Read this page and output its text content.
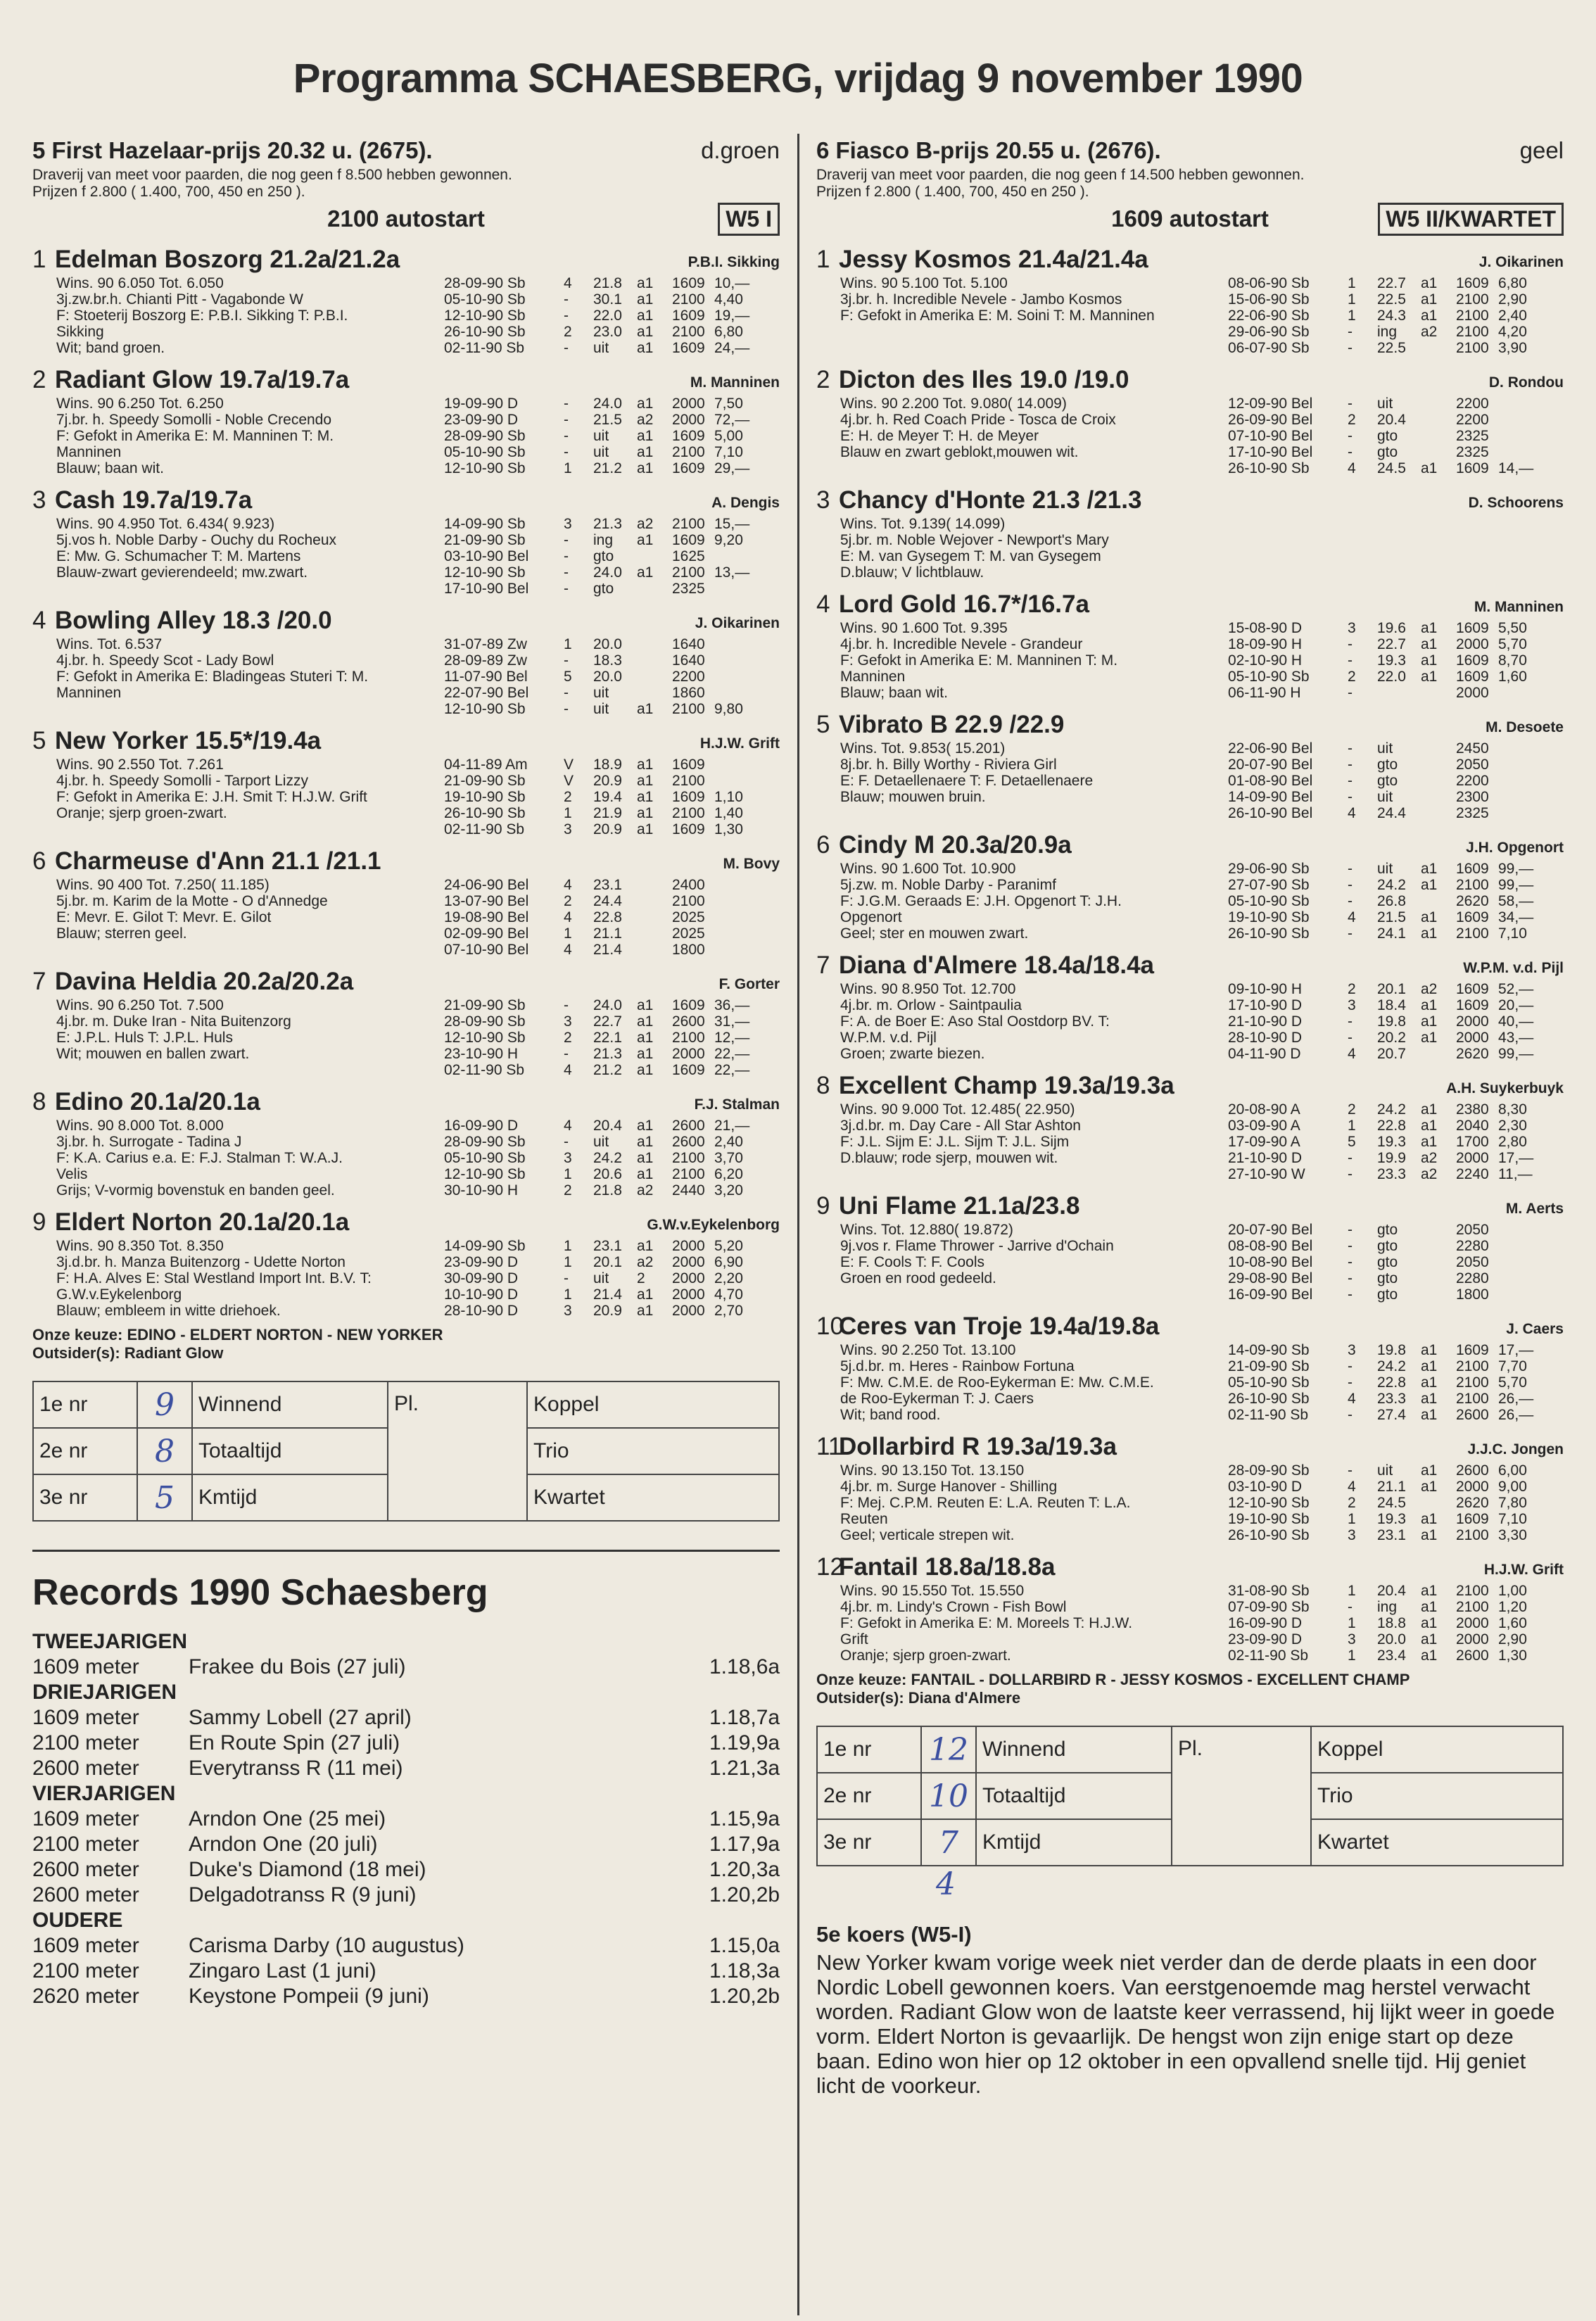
Programma SCHAESBERG, vrijdag 9 november 1990
5 First Hazelaar-prijs 20.32 u. (2675).	d.groen
Draverij van meet voor paarden, die nog geen f 8.500 hebben gewonnen.
Prijzen f 2.800 ( 1.400, 700, 450 en 250 ).
2100 autostart	W5 I
1 Edelman Boszorg 21.2a/21.2a	P.B.I. Sikking
Wins. 90 6.050 Tot. 6.050
3j.zw.br.h. Chianti Pitt - Vagabonde W
F: Stoeterij Boszorg E: P.B.I. Sikking T: P.B.I.
Sikking
Wit; band groen.
28-09-90 Sb	4	21.8	a1	1609 10,—
05-10-90 Sb	-	30.1	a1	2100 4,40
12-10-90 Sb	-	22.0	a1	1609 19,—
26-10-90 Sb	2	23.0	a1	2100 6,80
02-11-90 Sb	-	uit	a1	1609 24,—
2 Radiant Glow 19.7a/19.7a	M. Manninen
Wins. 90 6.250 Tot. 6.250
7j.br. h. Speedy Somolli - Noble Crecendo
F: Gefokt in Amerika E: M. Manninen T: M.
Manninen
Blauw; baan wit.
19-09-90 D	-	24.0	a1	2000 7,50
23-09-90 D	-	21.5	a2	2000 72,—
28-09-90 Sb	-	uit	a1	1609 5,00
05-10-90 Sb	-	uit	a1	2100 7,10
12-10-90 Sb	1	21.2	a1	1609 29,—
3 Cash 19.7a/19.7a	A. Dengis
Wins. 90 4.950 Tot. 6.434( 9.923)
5j.vos h. Noble Darby - Ouchy du Rocheux
E: Mw. G. Schumacher T: M. Martens
Blauw-zwart gevierendeeld; mw.zwart.
14-09-90 Sb	3	21.3	a2	2100 15,—
21-09-90 Sb	-	ing	a1	1609 9,20
03-10-90 Bel	-	gto	1625
12-10-90 Sb	-	24.0	a1	2100 13,—
17-10-90 Bel	-	gto	2325
4 Bowling Alley 18.3 /20.0	J. Oikarinen
Wins. Tot. 6.537
4j.br. h. Speedy Scot - Lady Bowl
F: Gefokt in Amerika E: Bladingeas Stuteri T: M.
Manninen
31-07-89 Zw	1	20.0	1640
28-09-89 Zw	-	18.3	1640
11-07-90 Bel	5	20.0	2200
22-07-90 Bel	-	uit	1860
12-10-90 Sb	-	uit	a1	2100 9,80
5 New Yorker 15.5*/19.4a	H.J.W. Grift
Wins. 90 2.550 Tot. 7.261
4j.br. h. Speedy Somolli - Tarport Lizzy
F: Gefokt in Amerika E: J.H. Smit T: H.J.W. Grift
Oranje; sjerp groen-zwart.
04-11-89 Am	V	18.9	a1	1609
21-09-90 Sb	V	20.9	a1	2100
19-10-90 Sb	2	19.4	a1	1609 1,10
26-10-90 Sb	1	21.9	a1	2100 1,40
02-11-90 Sb	3	20.9	a1	1609 1,30
6 Charmeuse d'Ann 21.1 /21.1	M. Bovy
Wins. 90 400 Tot. 7.250( 11.185)
5j.br. m. Karim de la Motte - O d'Annedge
E: Mevr. E. Gilot T: Mevr. E. Gilot
Blauw; sterren geel.
24-06-90 Bel	4	23.1	2400
13-07-90 Bel	2	24.4	2100
19-08-90 Bel	4	22.8	2025
02-09-90 Bel	1	21.1	2025
07-10-90 Bel	4	21.4	1800
7 Davina Heldia 20.2a/20.2a	F. Gorter
Wins. 90 6.250 Tot. 7.500
4j.br. m. Duke Iran - Nita Buitenzorg
E: J.P.L. Huls T: J.P.L. Huls
Wit; mouwen en ballen zwart.
21-09-90 Sb	-	24.0	a1	1609 36,—
28-09-90 Sb	3	22.7	a1	2600 31,—
12-10-90 Sb	2	22.1	a1	2100 12,—
23-10-90 H	-	21.3	a1	2000 22,—
02-11-90 Sb	4	21.2	a1	1609 22,—
8 Edino 20.1a/20.1a	F.J. Stalman
Wins. 90 8.000 Tot. 8.000
3j.br. h. Surrogate - Tadina J
F: K.A. Carius e.a. E: F.J. Stalman T: W.A.J.
Velis
Grijs; V-vormig bovenstuk en banden geel.
16-09-90 D	4	20.4	a1	2600 21,—
28-09-90 Sb	-	uit	a1	2600 2,40
05-10-90 Sb	3	24.2	a1	2100 3,70
12-10-90 Sb	1	20.6	a1	2100 6,20
30-10-90 H	2	21.8	a2	2440 3,20
9 Eldert Norton 20.1a/20.1a	G.W.v.Eykelenborg
Wins. 90 8.350 Tot. 8.350
3j.d.br. h. Manza Buitenzorg - Udette Norton
F: H.A. Alves E: Stal Westland Import Int. B.V. T:
G.W.v.Eykelenborg
Blauw; embleem in witte driehoek.
14-09-90 Sb	1	23.1	a1	2000 5,20
23-09-90 D	1	20.1	a2	2000 6,90
30-09-90 D	-	uit	2	2000 2,20
10-10-90 D	1	21.4	a1	2000 4,70
28-10-90 D	3	20.9	a1	2000 2,70
Onze keuze: EDINO - ELDERT NORTON - NEW YORKER
Outsider(s): Radiant Glow
1e nr	9	Winnend	Pl.	Koppel
2e nr	8	Totaaltijd		Trio
3e nr	5	Kmtijd		Kwartet
Records 1990 Schaesberg
TWEEJARIGEN
1609 meter	Frakee du Bois (27 juli)	1.18,6a
DRIEJARIGEN
1609 meter	Sammy Lobell (27 april)	1.18,7a
2100 meter	En Route Spin (27 juli)	1.19,9a
2600 meter	Everytranss R (11 mei)	1.21,3a
VIERJARIGEN
1609 meter	Arndon One (25 mei)	1.15,9a
2100 meter	Arndon One (20 juli)	1.17,9a
2600 meter	Duke's Diamond (18 mei)	1.20,3a
2600 meter	Delgadotranss R (9 juni)	1.20,2b
OUDERE
1609 meter	Carisma Darby (10 augustus)	1.15,0a
2100 meter	Zingaro Last (1 juni)	1.18,3a
2620 meter	Keystone Pompeii (9 juni)	1.20,2b
6 Fiasco B-prijs 20.55 u. (2676).	geel
Draverij van meet voor paarden, die nog geen f 14.500 hebben gewonnen.
Prijzen f 2.800 ( 1.400, 700, 450 en 250 ).
1609 autostart	W5 II/KWARTET
1 Jessy Kosmos 21.4a/21.4a	J. Oikarinen
Wins. 90 5.100 Tot. 5.100
3j.br. h. Incredible Nevele - Jambo Kosmos
F: Gefokt in Amerika E: M. Soini T: M. Manninen
08-06-90 Sb	1	22.7	a1	1609 6,80
15-06-90 Sb	1	22.5	a1	2100 2,90
22-06-90 Sb	1	24.3	a1	2100 2,40
29-06-90 Sb	-	ing	a2	2100 4,20
06-07-90 Sb	-	22.5	2100 3,90
2 Dicton des Iles 19.0 /19.0	D. Rondou
Wins. 90 2.200 Tot. 9.080( 14.009)
4j.br. h. Red Coach Pride - Tosca de Croix
E: H. de Meyer T: H. de Meyer
Blauw en zwart geblokt,mouwen wit.
12-09-90 Bel	-	uit	2200
26-09-90 Bel	2	20.4	2200
07-10-90 Bel	-	gto	2325
17-10-90 Bel	-	gto	2325
26-10-90 Sb	4	24.5	a1	1609 14,—
3 Chancy d'Honte 21.3 /21.3	D. Schoorens
Wins. Tot. 9.139( 14.099)
5j.br. m. Noble Wejover - Newport's Mary
E: M. van Gysegem T: M. van Gysegem
D.blauw; V lichtblauw.
4 Lord Gold 16.7*/16.7a	M. Manninen
Wins. 90 1.600 Tot. 9.395
4j.br. h. Incredible Nevele - Grandeur
F: Gefokt in Amerika E: M. Manninen T: M.
Manninen
Blauw; baan wit.
15-08-90 D	3	19.6	a1	1609 5,50
18-09-90 H	-	22.7	a1	2000 5,70
02-10-90 H	-	19.3	a1	1609 8,70
05-10-90 Sb	2	22.0	a1	1609 1,60
06-11-90 H	-	2000
5 Vibrato B 22.9 /22.9	M. Desoete
Wins. Tot. 9.853( 15.201)
8j.br. h. Billy Worthy - Riviera Girl
E: F. Detaellenaere T: F. Detaellenaere
Blauw; mouwen bruin.
22-06-90 Bel	-	uit	2450
20-07-90 Bel	-	gto	2050
01-08-90 Bel	-	gto	2200
14-09-90 Bel	-	uit	2300
26-10-90 Bel	4	24.4	2325
6 Cindy M 20.3a/20.9a	J.H. Opgenort
Wins. 90 1.600 Tot. 10.900
5j.zw. m. Noble Darby - Paranimf
F: J.G.M. Geraads E: J.H. Opgenort T: J.H.
Opgenort
Geel; ster en mouwen zwart.
29-06-90 Sb	-	uit	a1	1609 99,—
27-07-90 Sb	-	24.2	a1	2100 99,—
05-10-90 Sb	-	26.8	2620 58,—
19-10-90 Sb	4	21.5	a1	1609 34,—
26-10-90 Sb	-	24.1	a1	2100 7,10
7 Diana d'Almere 18.4a/18.4a	W.P.M. v.d. Pijl
Wins. 90 8.950 Tot. 12.700
4j.br. m. Orlow - Saintpaulia
F: A. de Boer E: Aso Stal Oostdorp BV. T:
W.P.M. v.d. Pijl
Groen; zwarte biezen.
09-10-90 H	2	20.1	a2	1609 52,—
17-10-90 D	3	18.4	a1	1609 20,—
21-10-90 D	-	19.8	a1	2000 40,—
28-10-90 D	-	20.2	a1	2000 43,—
04-11-90 D	4	20.7	2620 99,—
8 Excellent Champ 19.3a/19.3a	A.H. Suykerbuyk
Wins. 90 9.000 Tot. 12.485( 22.950)
3j.d.br. m. Day Care - All Star Ashton
F: J.L. Sijm E: J.L. Sijm T: J.L. Sijm
D.blauw; rode sjerp, mouwen wit.
20-08-90 A	2	24.2	a1	2380 8,30
03-09-90 A	1	22.8	a1	2040 2,30
17-09-90 A	5	19.3	a1	1700 2,80
21-10-90 D	-	19.9	a2	2000 17,—
27-10-90 W	-	23.3	a2	2240 11,—
9 Uni Flame 21.1a/23.8	M. Aerts
Wins. Tot. 12.880( 19.872)
9j.vos r. Flame Thrower - Jarrive d'Ochain
E: F. Cools T: F. Cools
Groen en rood gedeeld.
20-07-90 Bel	-	gto	2050
08-08-90 Bel	-	gto	2280
10-08-90 Bel	-	gto	2050
29-08-90 Bel	-	gto	2280
16-09-90 Bel	-	gto	1800
10Ceres van Troje 19.4a/19.8a	J. Caers
Wins. 90 2.250 Tot. 13.100
5j.d.br. m. Heres - Rainbow Fortuna
F: Mw. C.M.E. de Roo-Eykerman E: Mw. C.M.E.
de Roo-Eykerman T: J. Caers
Wit; band rood.
14-09-90 Sb	3	19.8	a1	1609 17,—
21-09-90 Sb	-	24.2	a1	2100 7,70
05-10-90 Sb	-	22.8	a1	2100 5,70
26-10-90 Sb	4	23.3	a1	2100 26,—
02-11-90 Sb	-	27.4	a1	2600 26,—
11Dollarbird R 19.3a/19.3a	J.J.C. Jongen
Wins. 90 13.150 Tot. 13.150
4j.br. m. Surge Hanover - Shilling
F: Mej. C.P.M. Reuten E: L.A. Reuten T: L.A.
Reuten
Geel; verticale strepen wit.
28-09-90 Sb	-	uit	a1	2600 6,00
03-10-90 D	4	21.1	a1	2000 9,00
12-10-90 Sb	2	24.5	2620 7,80
19-10-90 Sb	1	19.3	a1	1609 7,10
26-10-90 Sb	3	23.1	a1	2100 3,30
12Fantail 18.8a/18.8a	H.J.W. Grift
Wins. 90 15.550 Tot. 15.550
4j.br. m. Lindy's Crown - Fish Bowl
F: Gefokt in Amerika E: M. Moreels T: H.J.W.
Grift
Oranje; sjerp groen-zwart.
31-08-90 Sb	1	20.4	a1	2100 1,00
07-09-90 Sb	-	ing	a1	2100 1,20
16-09-90 D	1	18.8	a1	2000 1,60
23-09-90 D	3	20.0	a1	2000 2,90
02-11-90 Sb	1	23.4	a1	2600 1,30
Onze keuze: FANTAIL - DOLLARBIRD R - JESSY KOSMOS - EXCELLENT CHAMP
Outsider(s): Diana d'Almere
1e nr	12	Winnend	Pl.	Koppel
2e nr	10	Totaaltijd		Trio
3e nr	7	Kmtijd		Kwartet
4
5e koers (W5-I)

New Yorker kwam vorige week niet verder dan de derde plaats in een door Nordic Lobell gewonnen koers. Van eerstgenoemde mag herstel verwacht worden. Radiant Glow won de laatste keer verrassend, hij lijkt weer in goede vorm. Eldert Norton is gevaarlijk. De hengst won zijn enige start op deze baan. Edino won hier op 12 oktober in een opvallend snelle tijd. Hij geniet licht de voorkeur.
